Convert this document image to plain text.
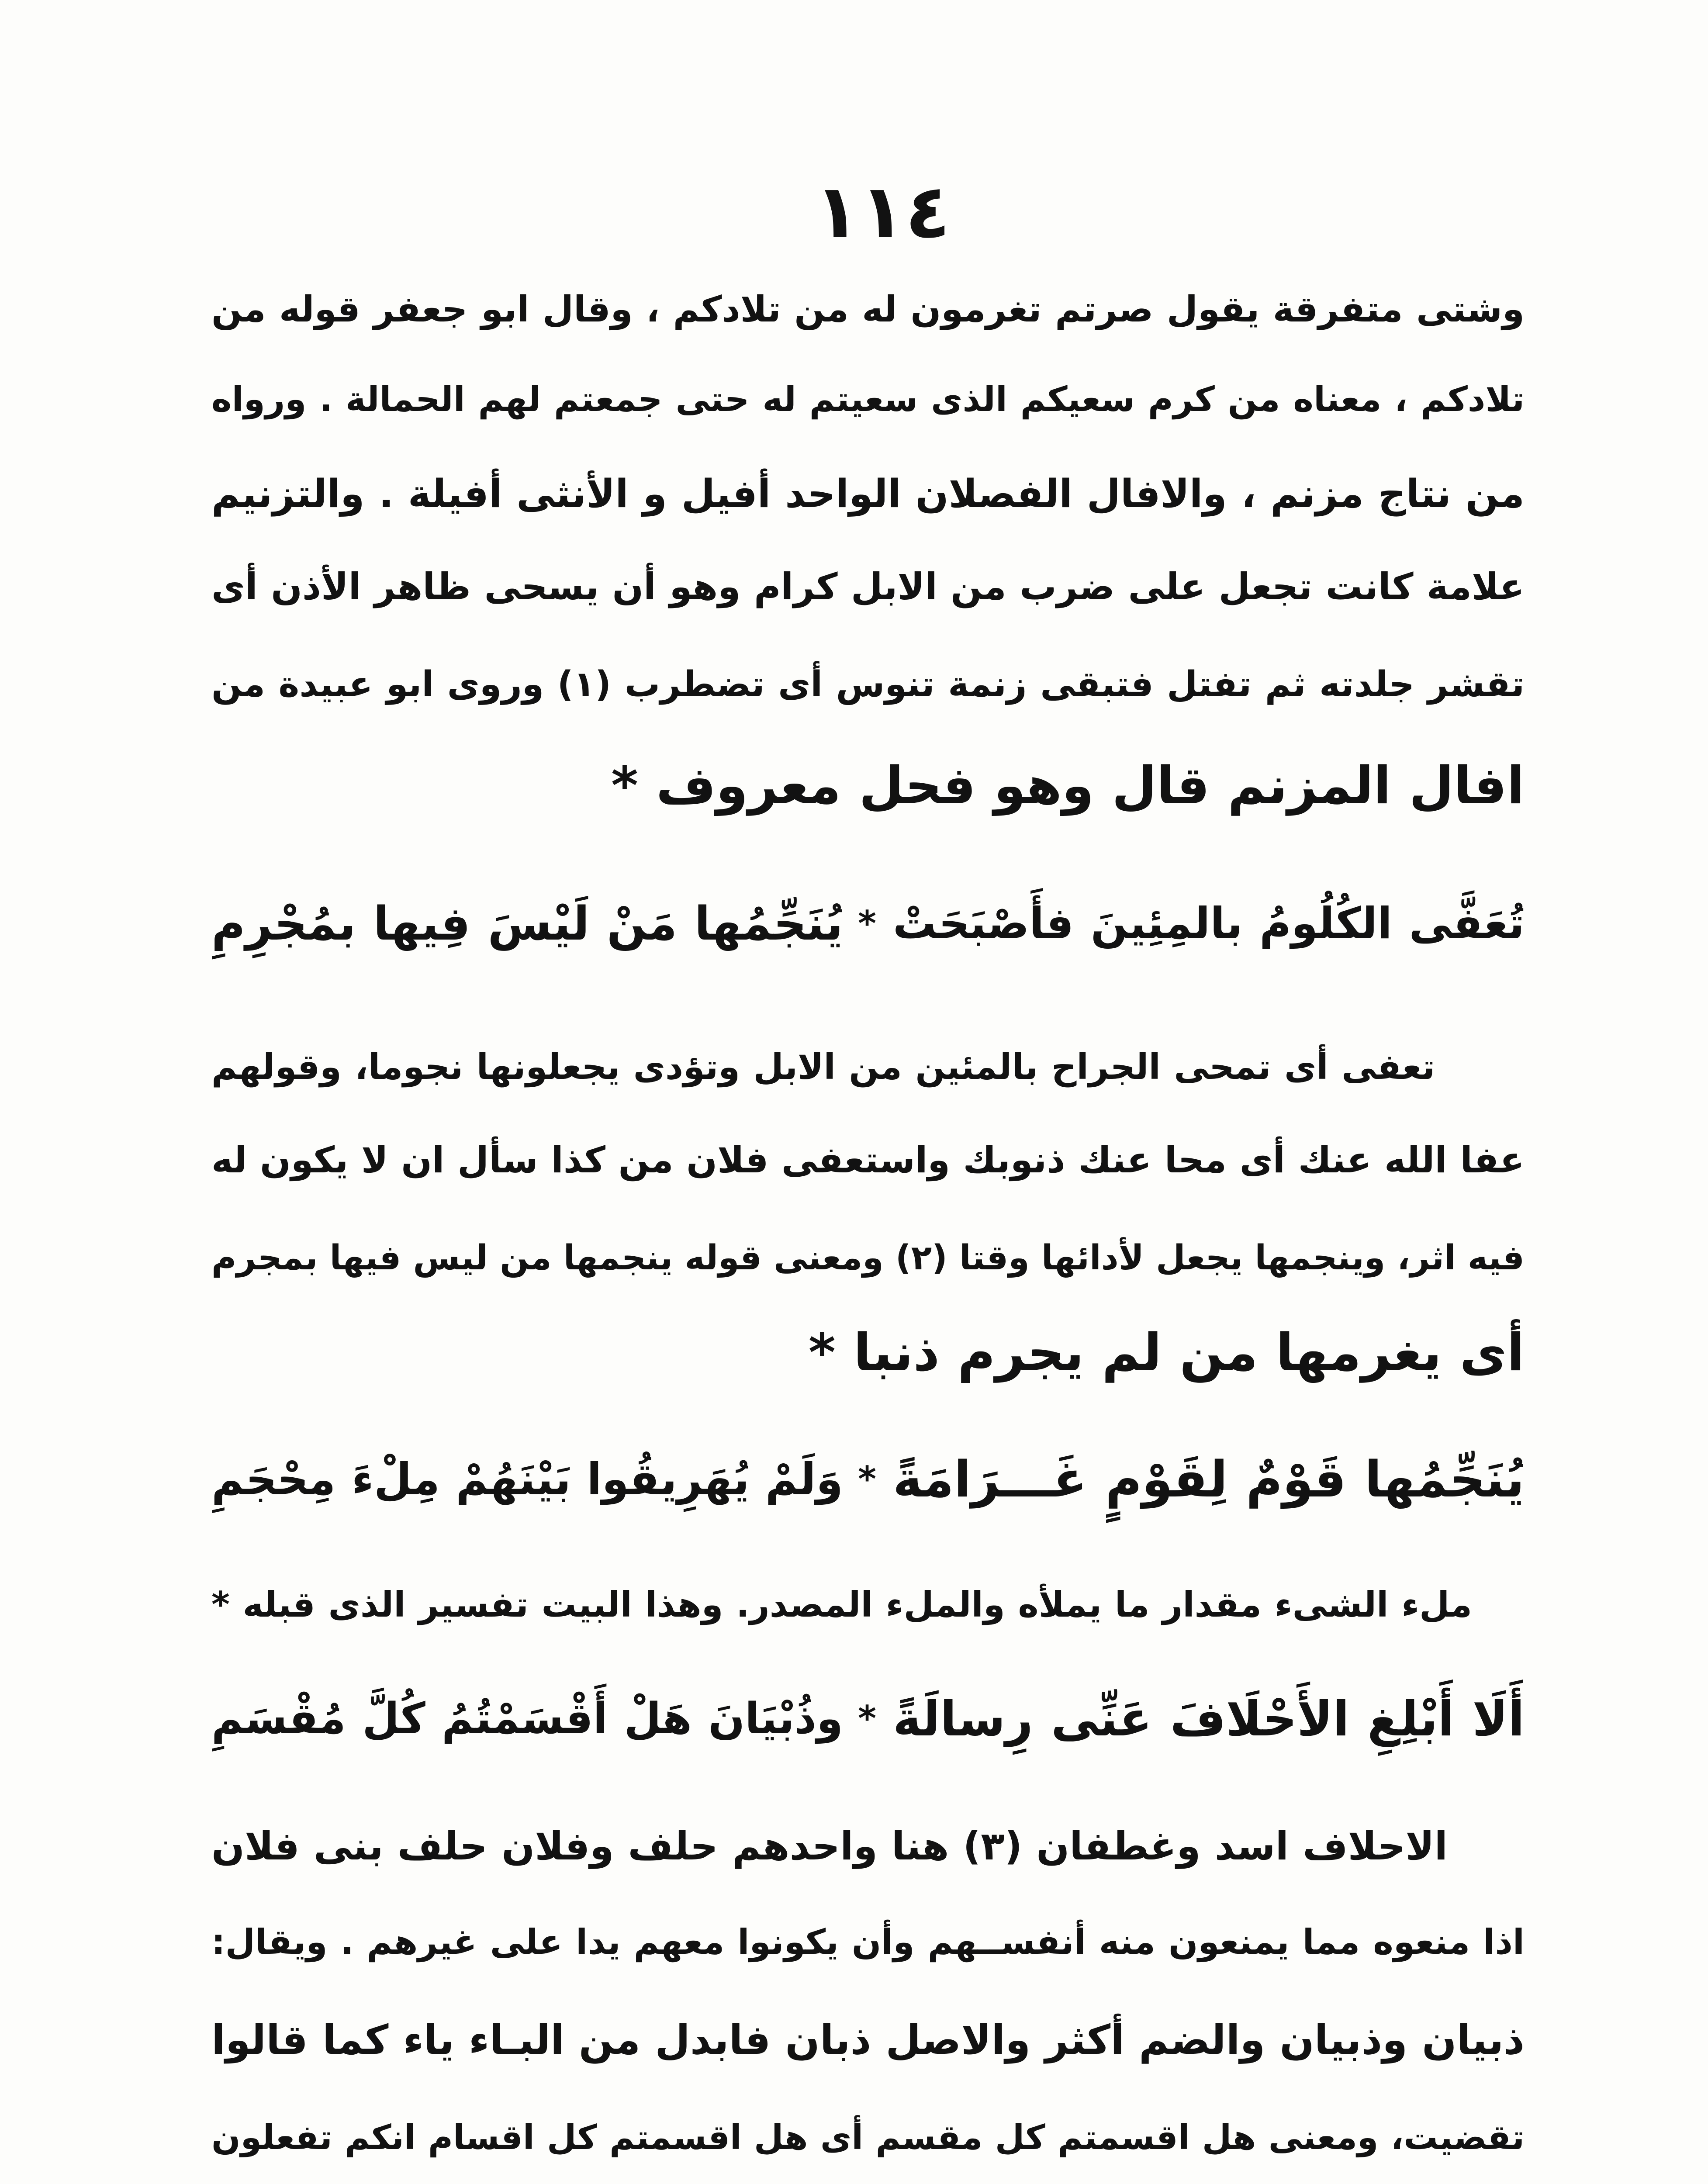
١١٤
وشتى متفرقة يقول صرتم تغرمون له من تلادكم ، وقال ابو جعفر قوله من
تلادكم ، معناه من كرم سعيكم الذى سعيتم له حتى جمعتم لهم الحمالة . ورواه
من نتاج مزنم ، والافال الفصلان الواحد أفيل و الأنثى أفيلة . والتزنيم
علامة كانت تجعل على ضرب من الابل كرام وهو أن يسحى ظاهر الأذن أى
تقشر جلدته ثم تفتل فتبقى زنمة تنوس أى تضطرب (١) وروى ابو عبيدة من
افال المزنم قال وهو فحل معروف *
تُعَفَّى الكُلُومُ بالمِئِينَ فأَصْبَحَتْ
*
يُنَجِّمُها مَنْ لَيْسَ فِيها بمُجْرِمِ
تعفى أى تمحى الجراح بالمئين من الابل وتؤدى يجعلونها نجوما، وقولهم
عفا الله عنك أى محا عنك ذنوبك واستعفى فلان من كذا سأل ان لا يكون له
فيه اثر، وينجمها يجعل لأدائها وقتا (٢) ومعنى قوله ينجمها من ليس فيها بمجرم
أى يغرمها من لم يجرم ذنبا *
يُنَجِّمُها قَوْمٌ لِقَوْمٍ غَـــرَامَةً
*
وَلَمْ يُهَرِيقُوا بَيْنَهُمْ مِلْءَ مِحْجَمِ
ملء الشىء مقدار ما يملأه والملء المصدر. وهذا البيت تفسير الذى قبله *
أَلَا أَبْلِغِ الأَحْلَافَ عَنِّى رِسالَةً
*
وذُبْيَانَ هَلْ أَقْسَمْتُمُ كُلَّ مُقْسَمِ
الاحلاف اسد وغطفان (٣) هنا واحدهم حلف وفلان حلف بنى فلان
اذا منعوه مما يمنعون منه أنفســهم وأن يكونوا معهم يدا على غيرهم . ويقال:
ذبيان وذبيان والضم أكثر والاصل ذبان فابدل من البـاء ياء كما قالوا
تقضيت، ومعنى هل اقسمتم كل مقسم أى هل اقسمتم كل اقسام انكم تفعلون
